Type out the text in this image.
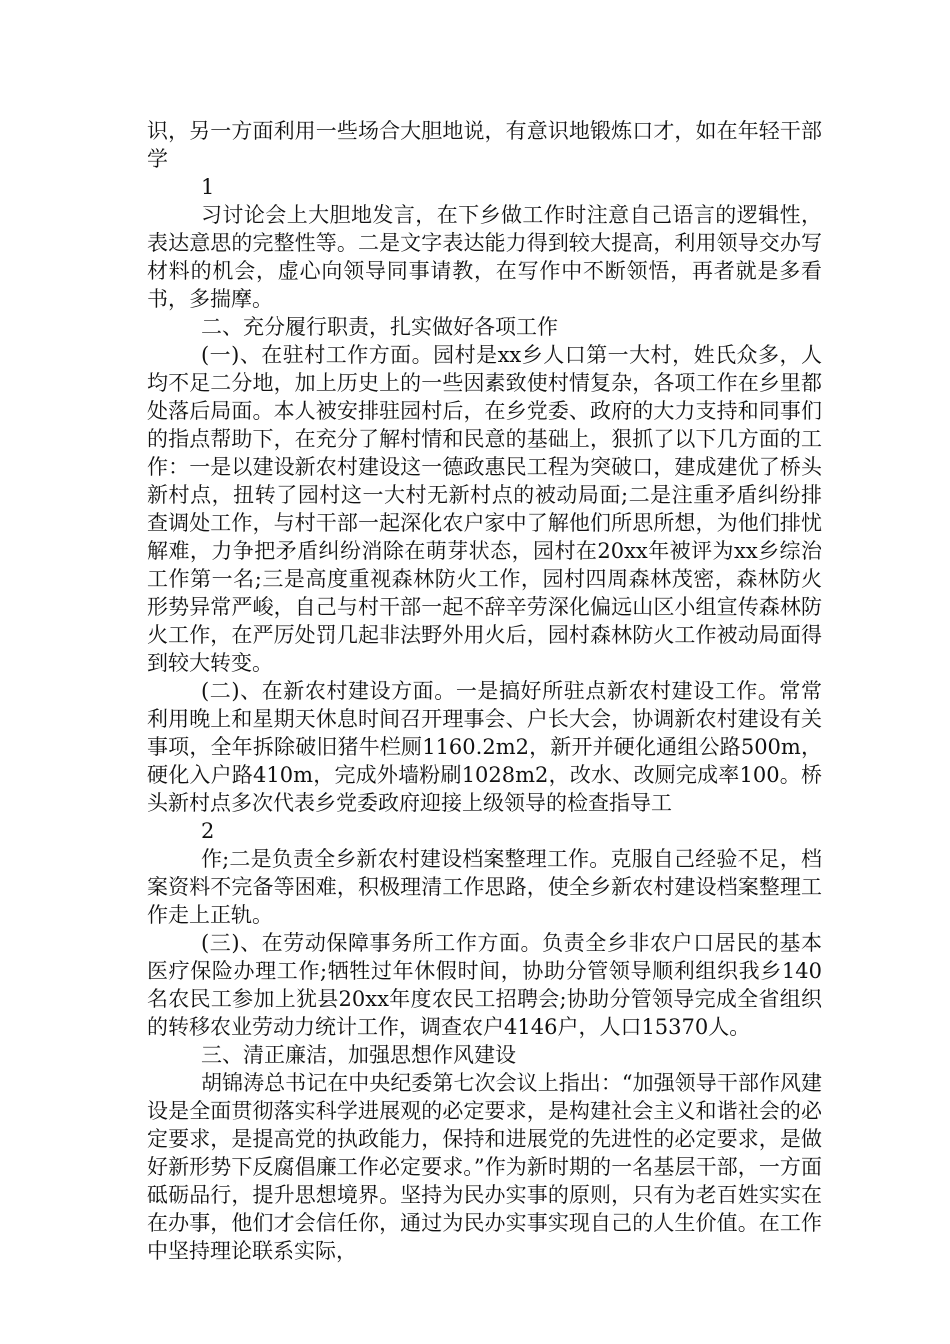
识，另一方面利用一些场合大胆地说，有意识地锻炼口才，如在年轻干部学

1

习讨论会上大胆地发言，在下乡做工作时注意自己语言的逻辑性，表达意思的完整性等。二是文字表达能力得到较大提高，利用领导交办写材料的机会，虚心向领导同事请教，在写作中不断领悟，再者就是多看书，多揣摩。

二、充分履行职责，扎实做好各项工作

(一)、在驻村工作方面。园村是xx乡人口第一大村，姓氏众多，人均不足二分地，加上历史上的一些因素致使村情复杂，各项工作在乡里都处落后局面。本人被安排驻园村后，在乡党委、政府的大力支持和同事们的指点帮助下，在充分了解村情和民意的基础上，狠抓了以下几方面的工作：一是以建设新农村建设这一德政惠民工程为突破口，建成建优了桥头新村点，扭转了园村这一大村无新村点的被动局面;二是注重矛盾纠纷排查调处工作，与村干部一起深化农户家中了解他们所思所想，为他们排忧解难，力争把矛盾纠纷消除在萌芽状态，园村在20xx年被评为xx乡综治工作第一名;三是高度重视森林防火工作，园村四周森林茂密，森林防火形势异常严峻，自己与村干部一起不辞辛劳深化偏远山区小组宣传森林防火工作，在严厉处罚几起非法野外用火后，园村森林防火工作被动局面得到较大转变。

(二)、在新农村建设方面。一是搞好所驻点新农村建设工作。常常利用晚上和星期天休息时间召开理事会、户长大会，协调新农村建设有关事项，全年拆除破旧猪牛栏厕1160.2m2，新开并硬化通组公路500m，硬化入户路410m，完成外墙粉刷1028m2，改水、改厕完成率100。桥头新村点多次代表乡党委政府迎接上级领导的检查指导工

2

作;二是负责全乡新农村建设档案整理工作。克服自己经验不足，档案资料不完备等困难，积极理清工作思路，使全乡新农村建设档案整理工作走上正轨。

(三)、在劳动保障事务所工作方面。负责全乡非农户口居民的基本医疗保险办理工作;牺牲过年休假时间，协助分管领导顺利组织我乡140名农民工参加上犹县20xx年度农民工招聘会;协助分管领导完成全省组织的转移农业劳动力统计工作，调查农户4146户，人口15370人。

三、清正廉洁，加强思想作风建设

胡锦涛总书记在中央纪委第七次会议上指出：“加强领导干部作风建设是全面贯彻落实科学进展观的必定要求，是构建社会主义和谐社会的必定要求，是提高党的执政能力，保持和进展党的先进性的必定要求，是做好新形势下反腐倡廉工作必定要求。”作为新时期的一名基层干部，一方面砥砺品行，提升思想境界。坚持为民办实事的原则，只有为老百姓实实在在办事，他们才会信任你，通过为民办实事实现自己的人生价值。在工作中坚持理论联系实际，
